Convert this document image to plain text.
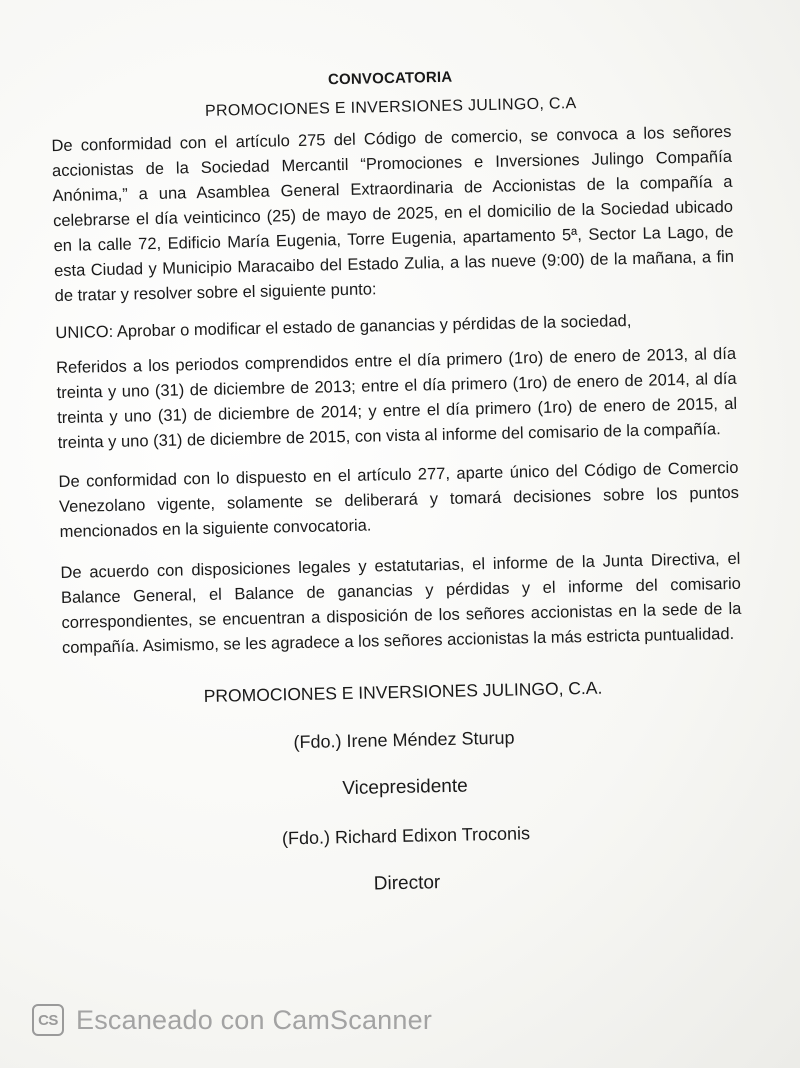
CONVOCATORIA

PROMOCIONES E INVERSIONES JULINGO, C.A

De conformidad con el artículo 275 del Código de comercio, se convoca a los señores accionistas de la Sociedad Mercantil “Promociones e Inversiones Julingo Compañía Anónima,” a una Asamblea General Extraordinaria de Accionistas de la compañía a celebrarse el día veinticinco (25) de mayo de 2025, en el domicilio de la Sociedad ubicado en la calle 72, Edificio María Eugenia, Torre Eugenia, apartamento 5ª, Sector La Lago, de esta Ciudad y Municipio Maracaibo del Estado Zulia, a las nueve (9:00) de la mañana, a fin de tratar y resolver sobre el siguiente punto:

UNICO: Aprobar o modificar el estado de ganancias y pérdidas de la sociedad,

Referidos a los periodos comprendidos entre el día primero (1ro) de enero de 2013, al día treinta y uno (31) de diciembre de 2013; entre el día primero (1ro) de enero de 2014, al día treinta y uno (31) de diciembre de 2014; y entre el día primero (1ro) de enero de 2015, al treinta y uno (31) de diciembre de 2015, con vista al informe del comisario de la compañía.

De conformidad con lo dispuesto en el artículo 277, aparte único del Código de Comercio Venezolano vigente, solamente se deliberará y tomará decisiones sobre los puntos mencionados en la siguiente convocatoria.

De acuerdo con disposiciones legales y estatutarias, el informe de la Junta Directiva, el Balance General, el Balance de ganancias y pérdidas y el informe del comisario correspondientes, se encuentran a disposición de los señores accionistas en la sede de la compañía. Asimismo, se les agradece a los señores accionistas la más estricta puntualidad.

PROMOCIONES E INVERSIONES JULINGO, C.A.

(Fdo.) Irene Méndez Sturup

Vicepresidente

(Fdo.) Richard Edixon Troconis

Director

CS Escaneado con CamScanner
